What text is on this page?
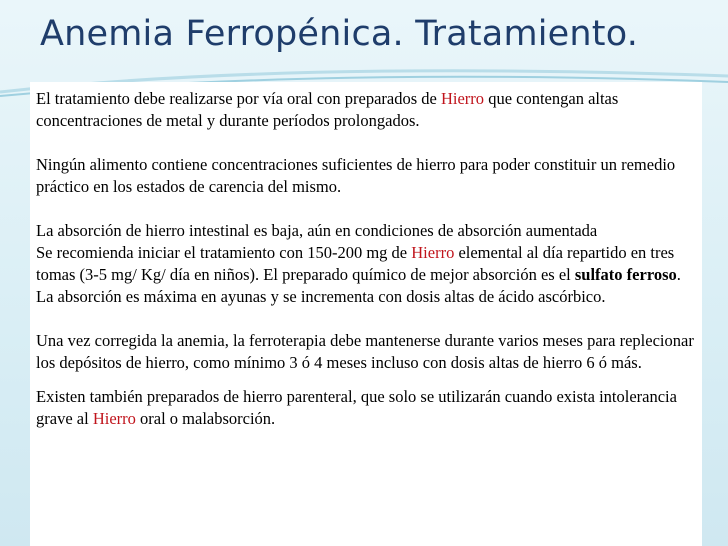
Anemia Ferropénica. Tratamiento.

El tratamiento debe realizarse por vía oral con preparados de Hierro que contengan altas concentraciones de metal y durante períodos prolongados.

Ningún alimento contiene concentraciones suficientes de hierro para poder constituir un remedio práctico en los estados de carencia del mismo.

La absorción de hierro intestinal es baja, aún en condiciones de absorción aumentada

Se recomienda iniciar el tratamiento con 150-200 mg de Hierro elemental al día repartido en tres tomas (3-5 mg/ Kg/ día en niños). El preparado químico de mejor absorción es el sulfato ferroso. La absorción es máxima en ayunas y se incrementa con dosis altas de ácido ascórbico.

Una vez corregida la anemia, la ferroterapia debe mantenerse durante varios meses para replecionar los depósitos de hierro, como mínimo 3 ó 4 meses incluso con dosis altas de hierro 6 ó más.

Existen también preparados de hierro parenteral, que solo se utilizarán cuando exista intolerancia grave al Hierro oral o malabsorción.
